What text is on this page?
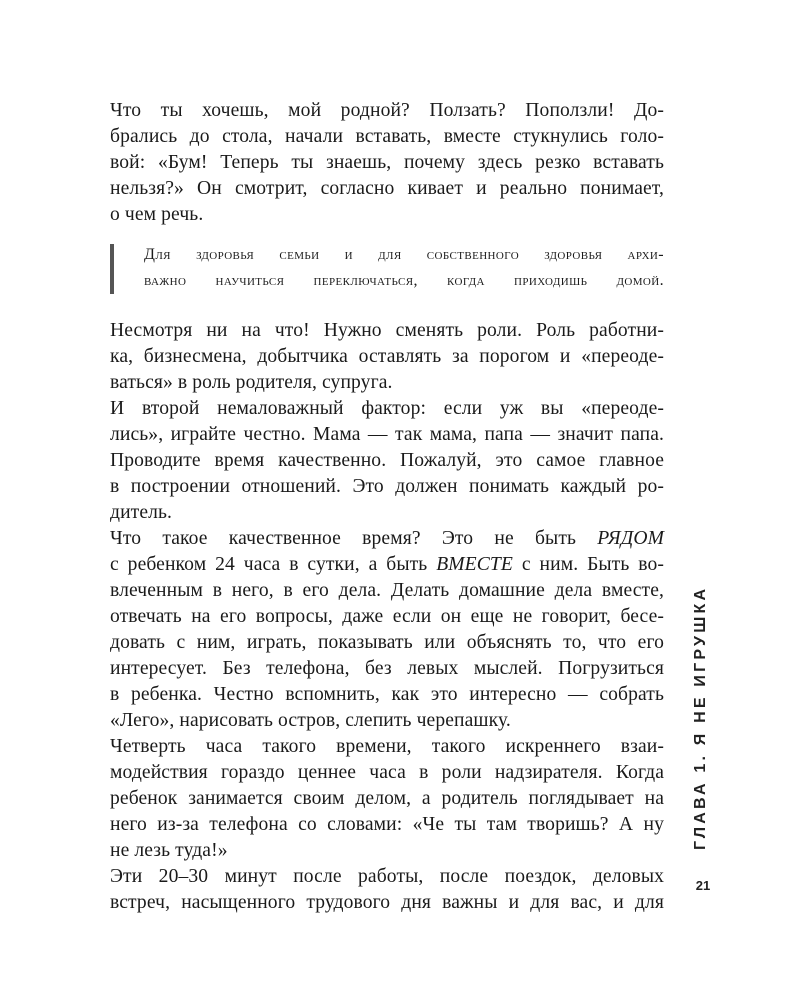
Что ты хочешь, мой родной? Ползать? Поползли! До-
брались до стола, начали вставать, вместе стукнулись голо-
вой: «Бум! Теперь ты знаешь, почему здесь резко вставать
нельзя?» Он смотрит, согласно кивает и реально понимает,
о чем речь.
Для здоровья семьи и для собственного здоровья архи-
важно научиться переключаться, когда приходишь домой.
Несмотря ни на что! Нужно сменять роли. Роль работни-
ка, бизнесмена, добытчика оставлять за порогом и «переоде-
ваться» в роль родителя, супруга.
И второй немаловажный фактор: если уж вы «переоде-
лись», играйте честно. Мама — так мама, папа — значит папа.
Проводите время качественно. Пожалуй, это самое главное
в построении отношений. Это должен понимать каждый ро-
дитель.
Что такое качественное время? Это не быть РЯДОМ
с ребенком 24 часа в сутки, а быть ВМЕСТЕ с ним. Быть во-
влеченным в него, в его дела. Делать домашние дела вместе,
отвечать на его вопросы, даже если он еще не говорит, бесе-
довать с ним, играть, показывать или объяснять то, что его
интересует. Без телефона, без левых мыслей. Погрузиться
в ребенка. Честно вспомнить, как это интересно — собрать
«Лего», нарисовать остров, слепить черепашку.
Четверть часа такого времени, такого искреннего взаи-
модействия гораздо ценнее часа в роли надзирателя. Когда
ребенок занимается своим делом, а родитель поглядывает на
него из-за телефона со словами: «Че ты там творишь? А ну
не лезь туда!»
Эти 20–30 минут после работы, после поездок, деловых
встреч, насыщенного трудового дня важны и для вас, и для
ГЛАВА 1. Я НЕ ИГРУШКА
21
